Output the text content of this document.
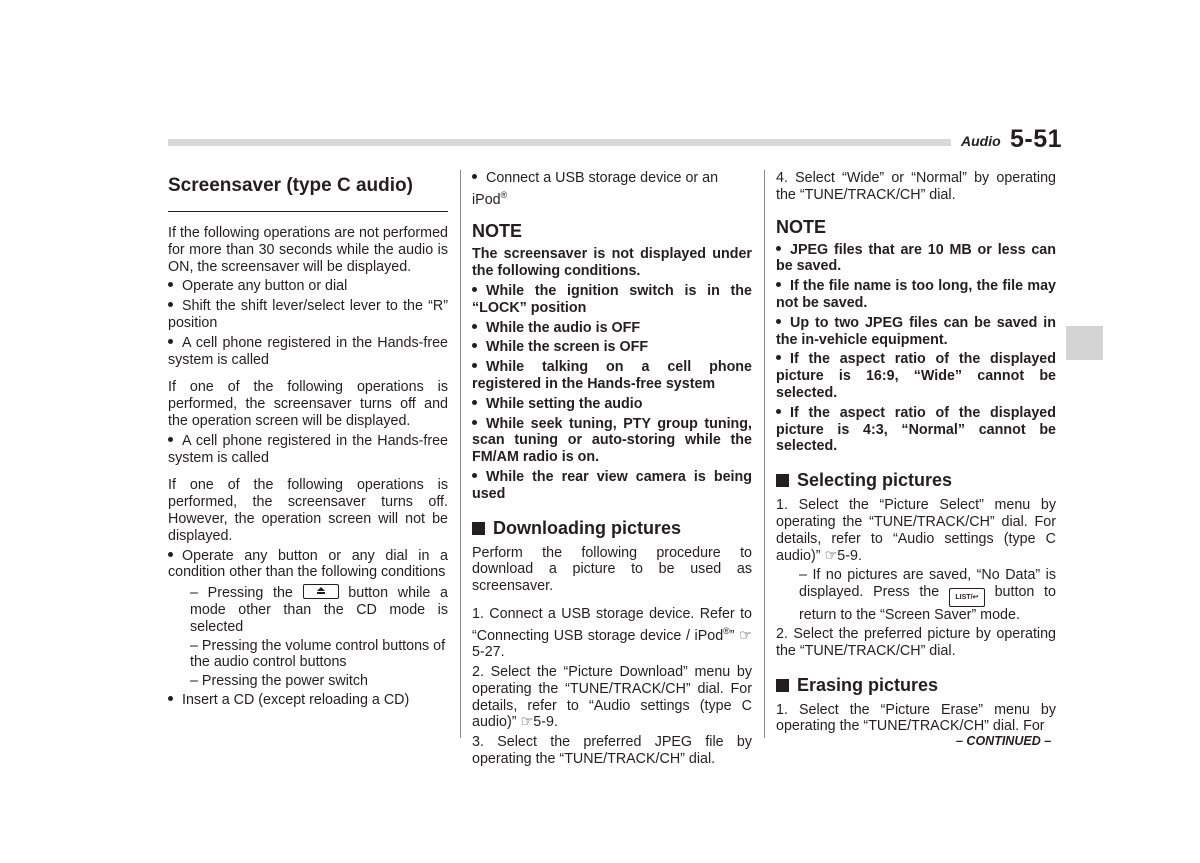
Audio 5-51
Screensaver (type C audio)

If the following operations are not performed for more than 30 seconds while the audio is ON, the screensaver will be displayed.

Operate any button or dial

Shift the shift lever/select lever to the “R” position

A cell phone registered in the Hands-free system is called

If one of the following operations is performed, the screensaver turns off and the operation screen will be displayed.

A cell phone registered in the Hands-free system is called

If one of the following operations is performed, the screensaver turns off. However, the operation screen will not be displayed.

Operate any button or any dial in a condition other than the following conditions

– Pressing the	button while a mode other than the CD mode is selected

– Pressing the volume control buttons of the audio control buttons

– Pressing the power switch

Insert a CD (except reloading a CD)

Connect a USB storage device or an iPod®

NOTE

The screensaver is not displayed under the following conditions.

While the ignition switch is in the “LOCK” position

While the audio is OFF

While the screen is OFF

While talking on a cell phone registered in the Hands-free system

While setting the audio

While seek tuning, PTY group tuning, scan tuning or auto-storing while the FM/AM radio is on.

While the rear view camera is being used

Downloading pictures

Perform the following procedure to download a picture to be used as screensaver.

1. Connect a USB storage device. Refer to “Connecting USB storage device / iPod®” ☞5-27.

2. Select the “Picture Download” menu by operating the “TUNE/TRACK/CH” dial. For details, refer to “Audio settings (type C audio)” ☞5-9.

3. Select the preferred JPEG file by operating the “TUNE/TRACK/CH” dial.

4. Select “Wide” or “Normal” by operating the “TUNE/TRACK/CH” dial.

NOTE

JPEG files that are 10 MB or less can be saved.

If the file name is too long, the file may not be saved.

Up to two JPEG files can be saved in the in-vehicle equipment.

If the aspect ratio of the displayed picture is 16:9, “Wide” cannot be selected.

If the aspect ratio of the displayed picture is 4:3, “Normal” cannot be selected.

Selecting pictures

1. Select the “Picture Select” menu by operating the “TUNE/TRACK/CH” dial. For details, refer to “Audio settings (type C audio)” ☞5-9.

– If no pictures are saved, “No Data” is displayed. Press the LIST/↩ button to return to the “Screen Saver” mode.

2. Select the preferred picture by operating the “TUNE/TRACK/CH” dial.

Erasing pictures

1. Select the “Picture Erase” menu by operating the “TUNE/TRACK/CH” dial. For

– CONTINUED –
